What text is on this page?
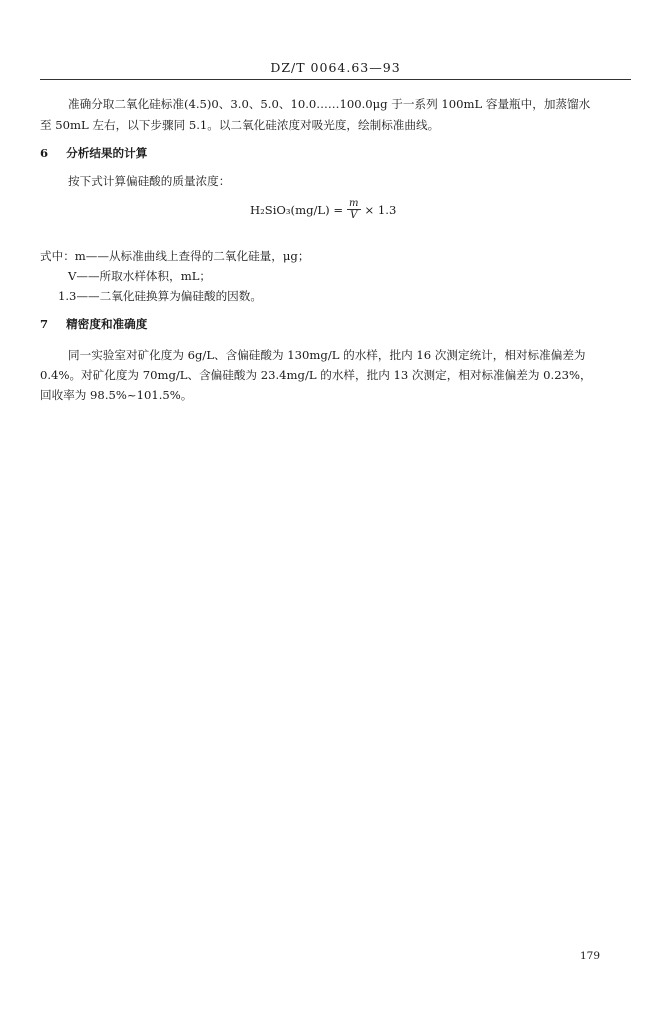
DZ/T 0064.63—93
准确分取二氧化硅标准(4.5)0、3.0、5.0、10.0……100.0μg 于一系列 100mL 容量瓶中，加蒸馏水
至 50mL 左右，以下步骤同 5.1。以二氧化硅浓度对吸光度，绘制标准曲线。
6 分析结果的计算
按下式计算偏硅酸的质量浓度：
$H_2SiO_3(mg/L) = \frac{m}{V} \times 1.3$
式中：m——从标准曲线上查得的二氧化硅量，μg；
V——所取水样体积，mL；
1.3——二氧化硅换算为偏硅酸的因数。
7 精密度和准确度
同一实验室对矿化度为 6g/L、含偏硅酸为 130mg/L 的水样，批内 16 次测定统计，相对标准偏差为
0.4%。对矿化度为 70mg/L、含偏硅酸为 23.4mg/L 的水样，批内 13 次测定，相对标准偏差为 0.23%，
回收率为 98.5%~101.5%。
179
